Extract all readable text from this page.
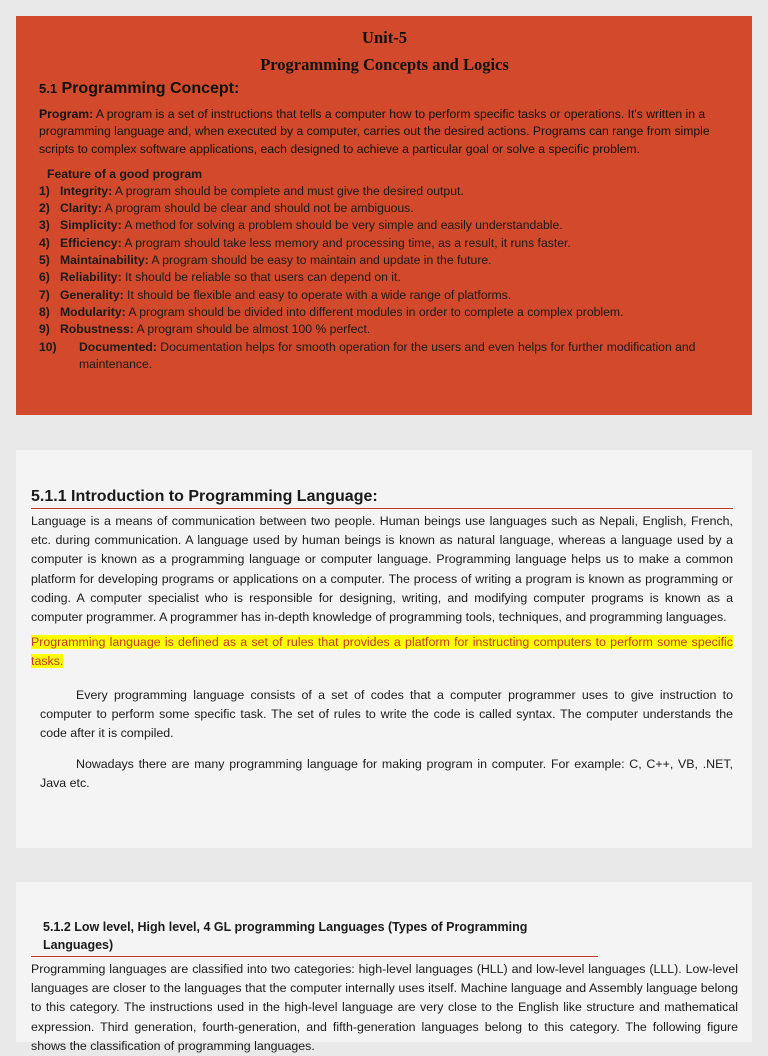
Unit-5
Programming Concepts and Logics
5.1 Programming Concept:
Program: A program is a set of instructions that tells a computer how to perform specific tasks or operations. It's written in a programming language and, when executed by a computer, carries out the desired actions. Programs can range from simple scripts to complex software applications, each designed to achieve a particular goal or solve a specific problem.
Feature of a good program
1) Integrity: A program should be complete and must give the desired output.
2) Clarity: A program should be clear and should not be ambiguous.
3) Simplicity: A method for solving a problem should be very simple and easily understandable.
4) Efficiency: A program should take less memory and processing time, as a result, it runs faster.
5) Maintainability: A program should be easy to maintain and update in the future.
6) Reliability: It should be reliable so that users can depend on it.
7) Generality: It should be flexible and easy to operate with a wide range of platforms.
8) Modularity: A program should be divided into different modules in order to complete a complex problem.
9) Robustness: A program should be almost 100 % perfect.
10)	Documented: Documentation helps for smooth operation for the users and even helps for further modification and maintenance.
5.1.1 Introduction to Programming Language:

Language is a means of communication between two people. Human beings use languages such as Nepali, English, French, etc. during communication. A language used by human beings is known as natural language, whereas a language used by a computer is known as a programming language or computer language. Programming language helps us to make a common platform for developing programs or applications on a computer. The process of writing a program is known as programming or coding. A computer specialist who is responsible for designing, writing, and modifying computer programs is known as a computer programmer. A programmer has in-depth knowledge of programming tools, techniques, and programming languages.

Programming language is defined as a set of rules that provides a platform for instructing computers to perform some specific tasks.

Every programming language consists of a set of codes that a computer programmer uses to give instruction to computer to perform some specific task. The set of rules to write the code is called syntax. The computer understands the code after it is compiled.

Nowadays there are many programming language for making program in computer. For example: C, C++, VB, .NET, Java etc.

5.1.2 Low level, High level, 4 GL programming Languages (Types of Programming Languages)

Programming languages are classified into two categories: high-level languages (HLL) and low-level languages (LLL). Low-level languages are closer to the languages that the computer internally uses itself. Machine language and Assembly language belong to this category. The instructions used in the high-level language are very close to the English like structure and mathematical expression. Third generation, fourth-generation, and fifth-generation languages belong to this category. The following figure shows the classification of programming languages.
